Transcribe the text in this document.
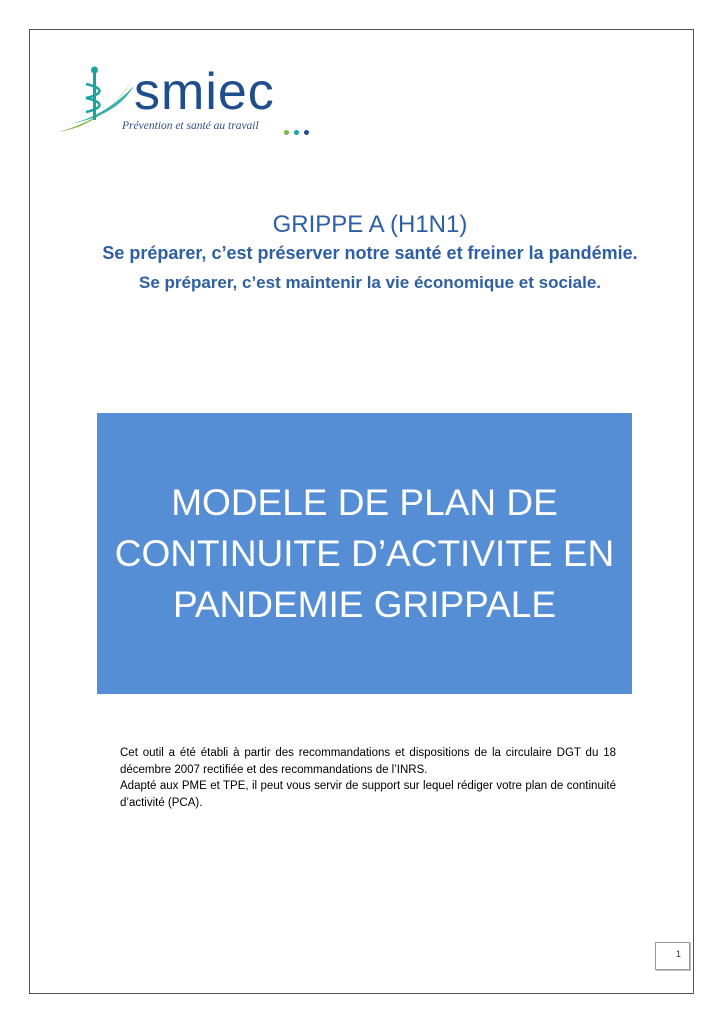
smiec
Prévention et santé au travail
GRIPPE A (H1N1)

Se préparer, c’est préserver notre santé et freiner la pandémie.

Se préparer, c’est maintenir la vie économique et sociale.

MODELE DE PLAN DE
CONTINUITE D’ACTIVITE EN
PANDEMIE GRIPPALE

Cet outil a été établi à partir des recommandations et dispositions de la circulaire DGT du 18 décembre 2007 rectifiée et des recommandations de l’INRS.

Adapté aux PME et TPE, il peut vous servir de support sur lequel rédiger votre plan de continuité d’activité (PCA).

1
